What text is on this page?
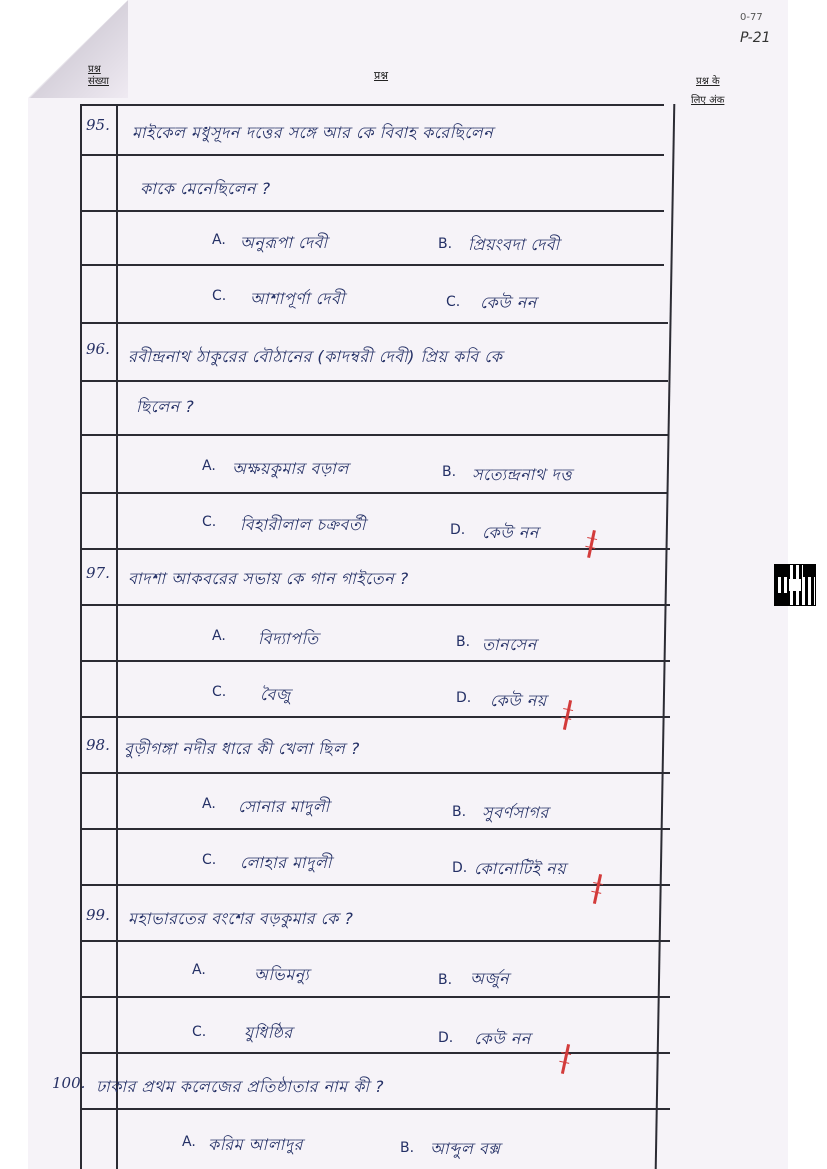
0-77
P-21
प्रश्न
संख्या	प्रश्न	प्रश्न के
लिए अंक
95. মাইকেল মধুসূদন দত্তের সঙ্গে আর কে বিবাহ করেছিলেন
কাকে মেনেছিলেন ?
A. অনুরূপা দেবী	B. প্রিয়ংবদা দেবী
C. আশাপূর্ণা দেবী	C. কেউ নন
96. রবীন্দ্রনাথ ঠাকুরের বৌঠানের (কাদম্বরী দেবী) প্রিয় কবি কে
ছিলেন ?
A. অক্ষয়কুমার বড়াল	B. সত্যেন্দ্রনাথ দত্ত
C. বিহারীলাল চক্রবর্তী	D. কেউ নন
97. বাদশা আকবরের সভায় কে গান গাইতেন ?
A. বিদ্যাপতি	B. তানসেন
C. বৈজু	D. কেউ নয়
98. বুড়ীগঙ্গা নদীর ধারে কী খেলা ছিল ?
A. সোনার মাদুলী	B. সুবর্ণসাগর
C. লোহার মাদুলী	D. কোনোটিই নয়
99. মহাভারতের বংশের বড়কুমার কে ?
A.	অভিমন্যু	B. অর্জুন
C. যুধিষ্ঠির	D. কেউ নন
100. ঢাকার প্রথম কলেজের প্রতিষ্ঠাতার নাম কী ?
A. করিম আলাদুর	B. আব্দুল বক্স
